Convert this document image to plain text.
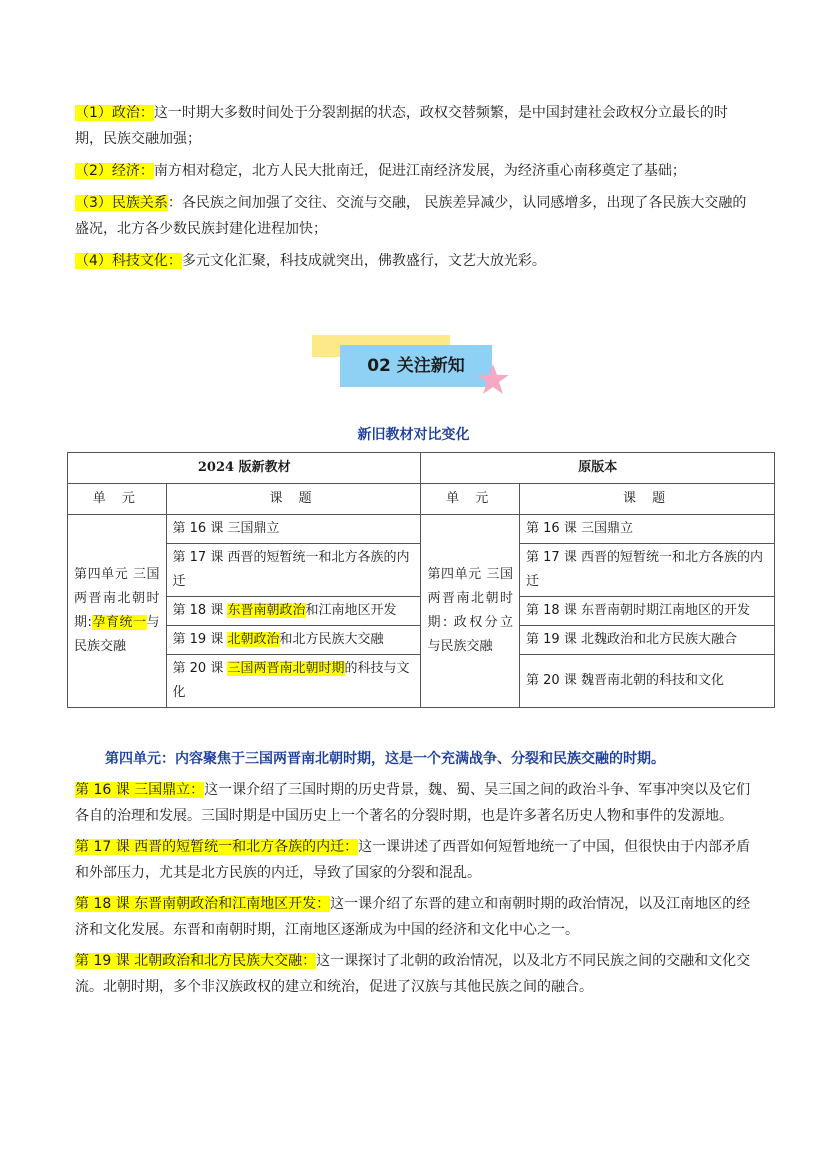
（1）政治：这一时期大多数时间处于分裂割据的状态，政权交替频繁，是中国封建社会政权分立最长的时期，民族交融加强；

（2）经济：南方相对稳定，北方人民大批南迁，促进江南经济发展，为经济重心南移奠定了基础；

（3）民族关系：各民族之间加强了交往、交流与交融， 民族差异减少，认同感增多，出现了各民族大交融的盛况，北方各少数民族封建化进程加快；

（4）科技文化：多元文化汇聚，科技成就突出，佛教盛行，文艺大放光彩。

02 关注新知
新旧教材对比变化
2024 版新教材		原版本	
单 元	课 题	单 元	课 题
第四单元 三国两晋南北朝时期:孕育统一与民族交融	第 16 课 三国鼎立	第四单元 三国两晋南北朝时期: 政权分立与民族交融	第 16 课 三国鼎立
	第 17 课 西晋的短暂统一和北方各族的内迁		第 17 课 西晋的短暂统一和北方各族的内迁
	第 18 课 东晋南朝政治和江南地区开发		第 18 课 东晋南朝时期江南地区的开发
	第 19 课 北朝政治和北方民族大交融		第 19 课 北魏政治和北方民族大融合
	第 20 课 三国两晋南北朝时期的科技与文化		第 20 课 魏晋南北朝的科技和文化

第四单元：内容聚焦于三国两晋南北朝时期，这是一个充满战争、分裂和民族交融的时期。

第 16 课 三国鼎立：这一课介绍了三国时期的历史背景，魏、蜀、吴三国之间的政治斗争、军事冲突以及它们各自的治理和发展。三国时期是中国历史上一个著名的分裂时期，也是许多著名历史人物和事件的发源地。

第 17 课 西晋的短暂统一和北方各族的内迁：这一课讲述了西晋如何短暂地统一了中国，但很快由于内部矛盾和外部压力，尤其是北方民族的内迁，导致了国家的分裂和混乱。

第 18 课 东晋南朝政治和江南地区开发：这一课介绍了东晋的建立和南朝时期的政治情况，以及江南地区的经济和文化发展。东晋和南朝时期，江南地区逐渐成为中国的经济和文化中心之一。

第 19 课 北朝政治和北方民族大交融：这一课探讨了北朝的政治情况，以及北方不同民族之间的交融和文化交流。北朝时期，多个非汉族政权的建立和统治，促进了汉族与其他民族之间的融合。
